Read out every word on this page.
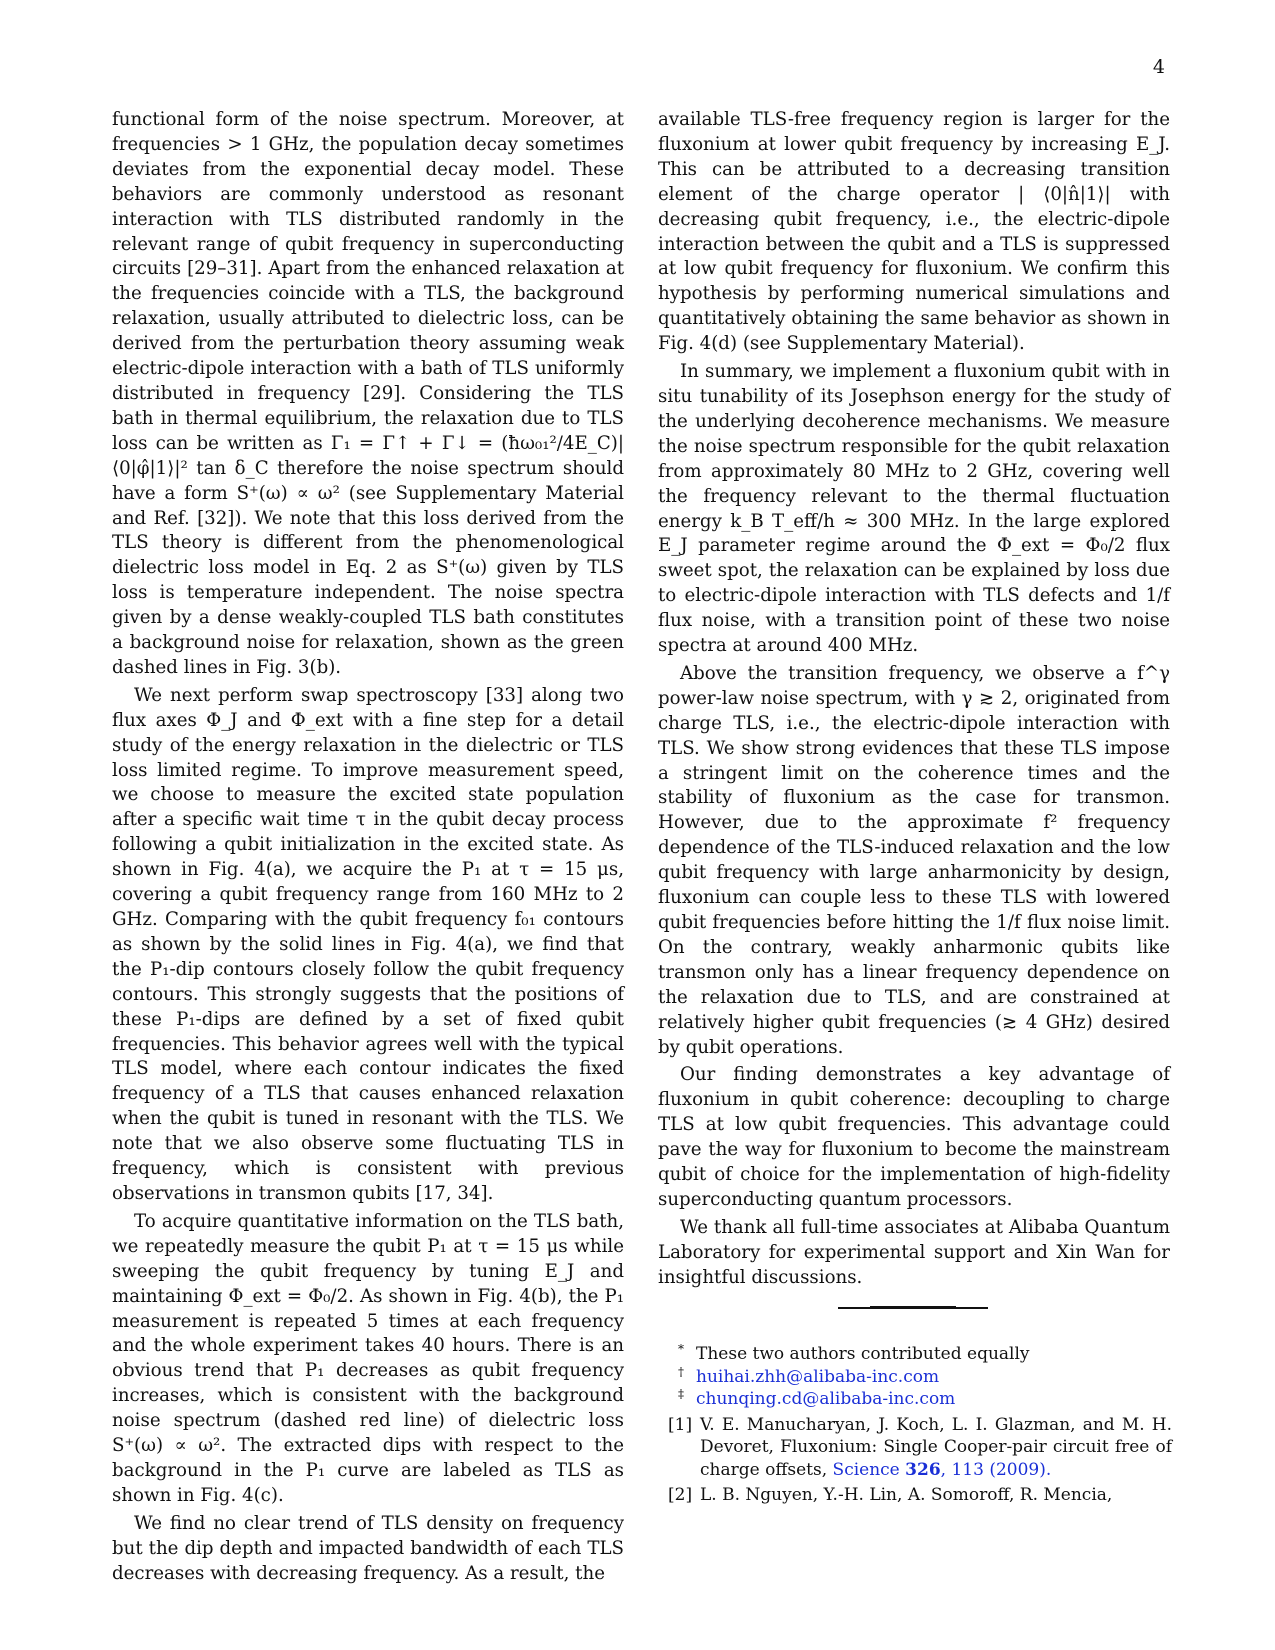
4

functional form of the noise spectrum. Moreover, at frequencies > 1 GHz, the population decay sometimes deviates from the exponential decay model. These behaviors are commonly understood as resonant interaction with TLS distributed randomly in the relevant range of qubit frequency in superconducting circuits [29–31]. Apart from the enhanced relaxation at the frequencies coincide with a TLS, the background relaxation, usually attributed to dielectric loss, can be derived from the perturbation theory assuming weak electric-dipole interaction with a bath of TLS uniformly distributed in frequency [29]. Considering the TLS bath in thermal equilibrium, the relaxation due to TLS loss can be written as Γ₁ = Γ↑ + Γ↓ = (ħω₀₁²/4E_C)| ⟨0|φ̂|1⟩|² tan δ_C therefore the noise spectrum should have a form S⁺(ω) ∝ ω² (see Supplementary Material and Ref. [32]). We note that this loss derived from the TLS theory is different from the phenomenological dielectric loss model in Eq. 2 as S⁺(ω) given by TLS loss is temperature independent. The noise spectra given by a dense weakly-coupled TLS bath constitutes a background noise for relaxation, shown as the green dashed lines in Fig. 3(b).

We next perform swap spectroscopy [33] along two flux axes Φ_J and Φ_ext with a fine step for a detail study of the energy relaxation in the dielectric or TLS loss limited regime. To improve measurement speed, we choose to measure the excited state population after a specific wait time τ in the qubit decay process following a qubit initialization in the excited state. As shown in Fig. 4(a), we acquire the P₁ at τ = 15 μs, covering a qubit frequency range from 160 MHz to 2 GHz. Comparing with the qubit frequency f₀₁ contours as shown by the solid lines in Fig. 4(a), we find that the P₁-dip contours closely follow the qubit frequency contours. This strongly suggests that the positions of these P₁-dips are defined by a set of fixed qubit frequencies. This behavior agrees well with the typical TLS model, where each contour indicates the fixed frequency of a TLS that causes enhanced relaxation when the qubit is tuned in resonant with the TLS. We note that we also observe some fluctuating TLS in frequency, which is consistent with previous observations in transmon qubits [17, 34].

To acquire quantitative information on the TLS bath, we repeatedly measure the qubit P₁ at τ = 15 μs while sweeping the qubit frequency by tuning E_J and maintaining Φ_ext = Φ₀/2. As shown in Fig. 4(b), the P₁ measurement is repeated 5 times at each frequency and the whole experiment takes 40 hours. There is an obvious trend that P₁ decreases as qubit frequency increases, which is consistent with the background noise spectrum (dashed red line) of dielectric loss S⁺(ω) ∝ ω². The extracted dips with respect to the background in the P₁ curve are labeled as TLS as shown in Fig. 4(c).

We find no clear trend of TLS density on frequency but the dip depth and impacted bandwidth of each TLS decreases with decreasing frequency. As a result, the

available TLS-free frequency region is larger for the fluxonium at lower qubit frequency by increasing E_J. This can be attributed to a decreasing transition element of the charge operator | ⟨0|n̂|1⟩| with decreasing qubit frequency, i.e., the electric-dipole interaction between the qubit and a TLS is suppressed at low qubit frequency for fluxonium. We confirm this hypothesis by performing numerical simulations and quantitatively obtaining the same behavior as shown in Fig. 4(d) (see Supplementary Material).

In summary, we implement a fluxonium qubit with in situ tunability of its Josephson energy for the study of the underlying decoherence mechanisms. We measure the noise spectrum responsible for the qubit relaxation from approximately 80 MHz to 2 GHz, covering well the frequency relevant to the thermal fluctuation energy k_B T_eff/h ≈ 300 MHz. In the large explored E_J parameter regime around the Φ_ext = Φ₀/2 flux sweet spot, the relaxation can be explained by loss due to electric-dipole interaction with TLS defects and 1/f flux noise, with a transition point of these two noise spectra at around 400 MHz.

Above the transition frequency, we observe a f^γ power-law noise spectrum, with γ ≳ 2, originated from charge TLS, i.e., the electric-dipole interaction with TLS. We show strong evidences that these TLS impose a stringent limit on the coherence times and the stability of fluxonium as the case for transmon. However, due to the approximate f² frequency dependence of the TLS-induced relaxation and the low qubit frequency with large anharmonicity by design, fluxonium can couple less to these TLS with lowered qubit frequencies before hitting the 1/f flux noise limit. On the contrary, weakly anharmonic qubits like transmon only has a linear frequency dependence on the relaxation due to TLS, and are constrained at relatively higher qubit frequencies (≳ 4 GHz) desired by qubit operations.

Our finding demonstrates a key advantage of fluxonium in qubit coherence: decoupling to charge TLS at low qubit frequencies. This advantage could pave the way for fluxonium to become the mainstream qubit of choice for the implementation of high-fidelity superconducting quantum processors.

We thank all full-time associates at Alibaba Quantum Laboratory for experimental support and Xin Wan for insightful discussions.

* These two authors contributed equally
† huihai.zhh@alibaba-inc.com
‡ chunqing.cd@alibaba-inc.com
[1] V. E. Manucharyan, J. Koch, L. I. Glazman, and M. H. Devoret, Fluxonium: Single Cooper-pair circuit free of charge offsets, Science 326, 113 (2009).
[2] L. B. Nguyen, Y.-H. Lin, A. Somoroff, R. Mencia,
